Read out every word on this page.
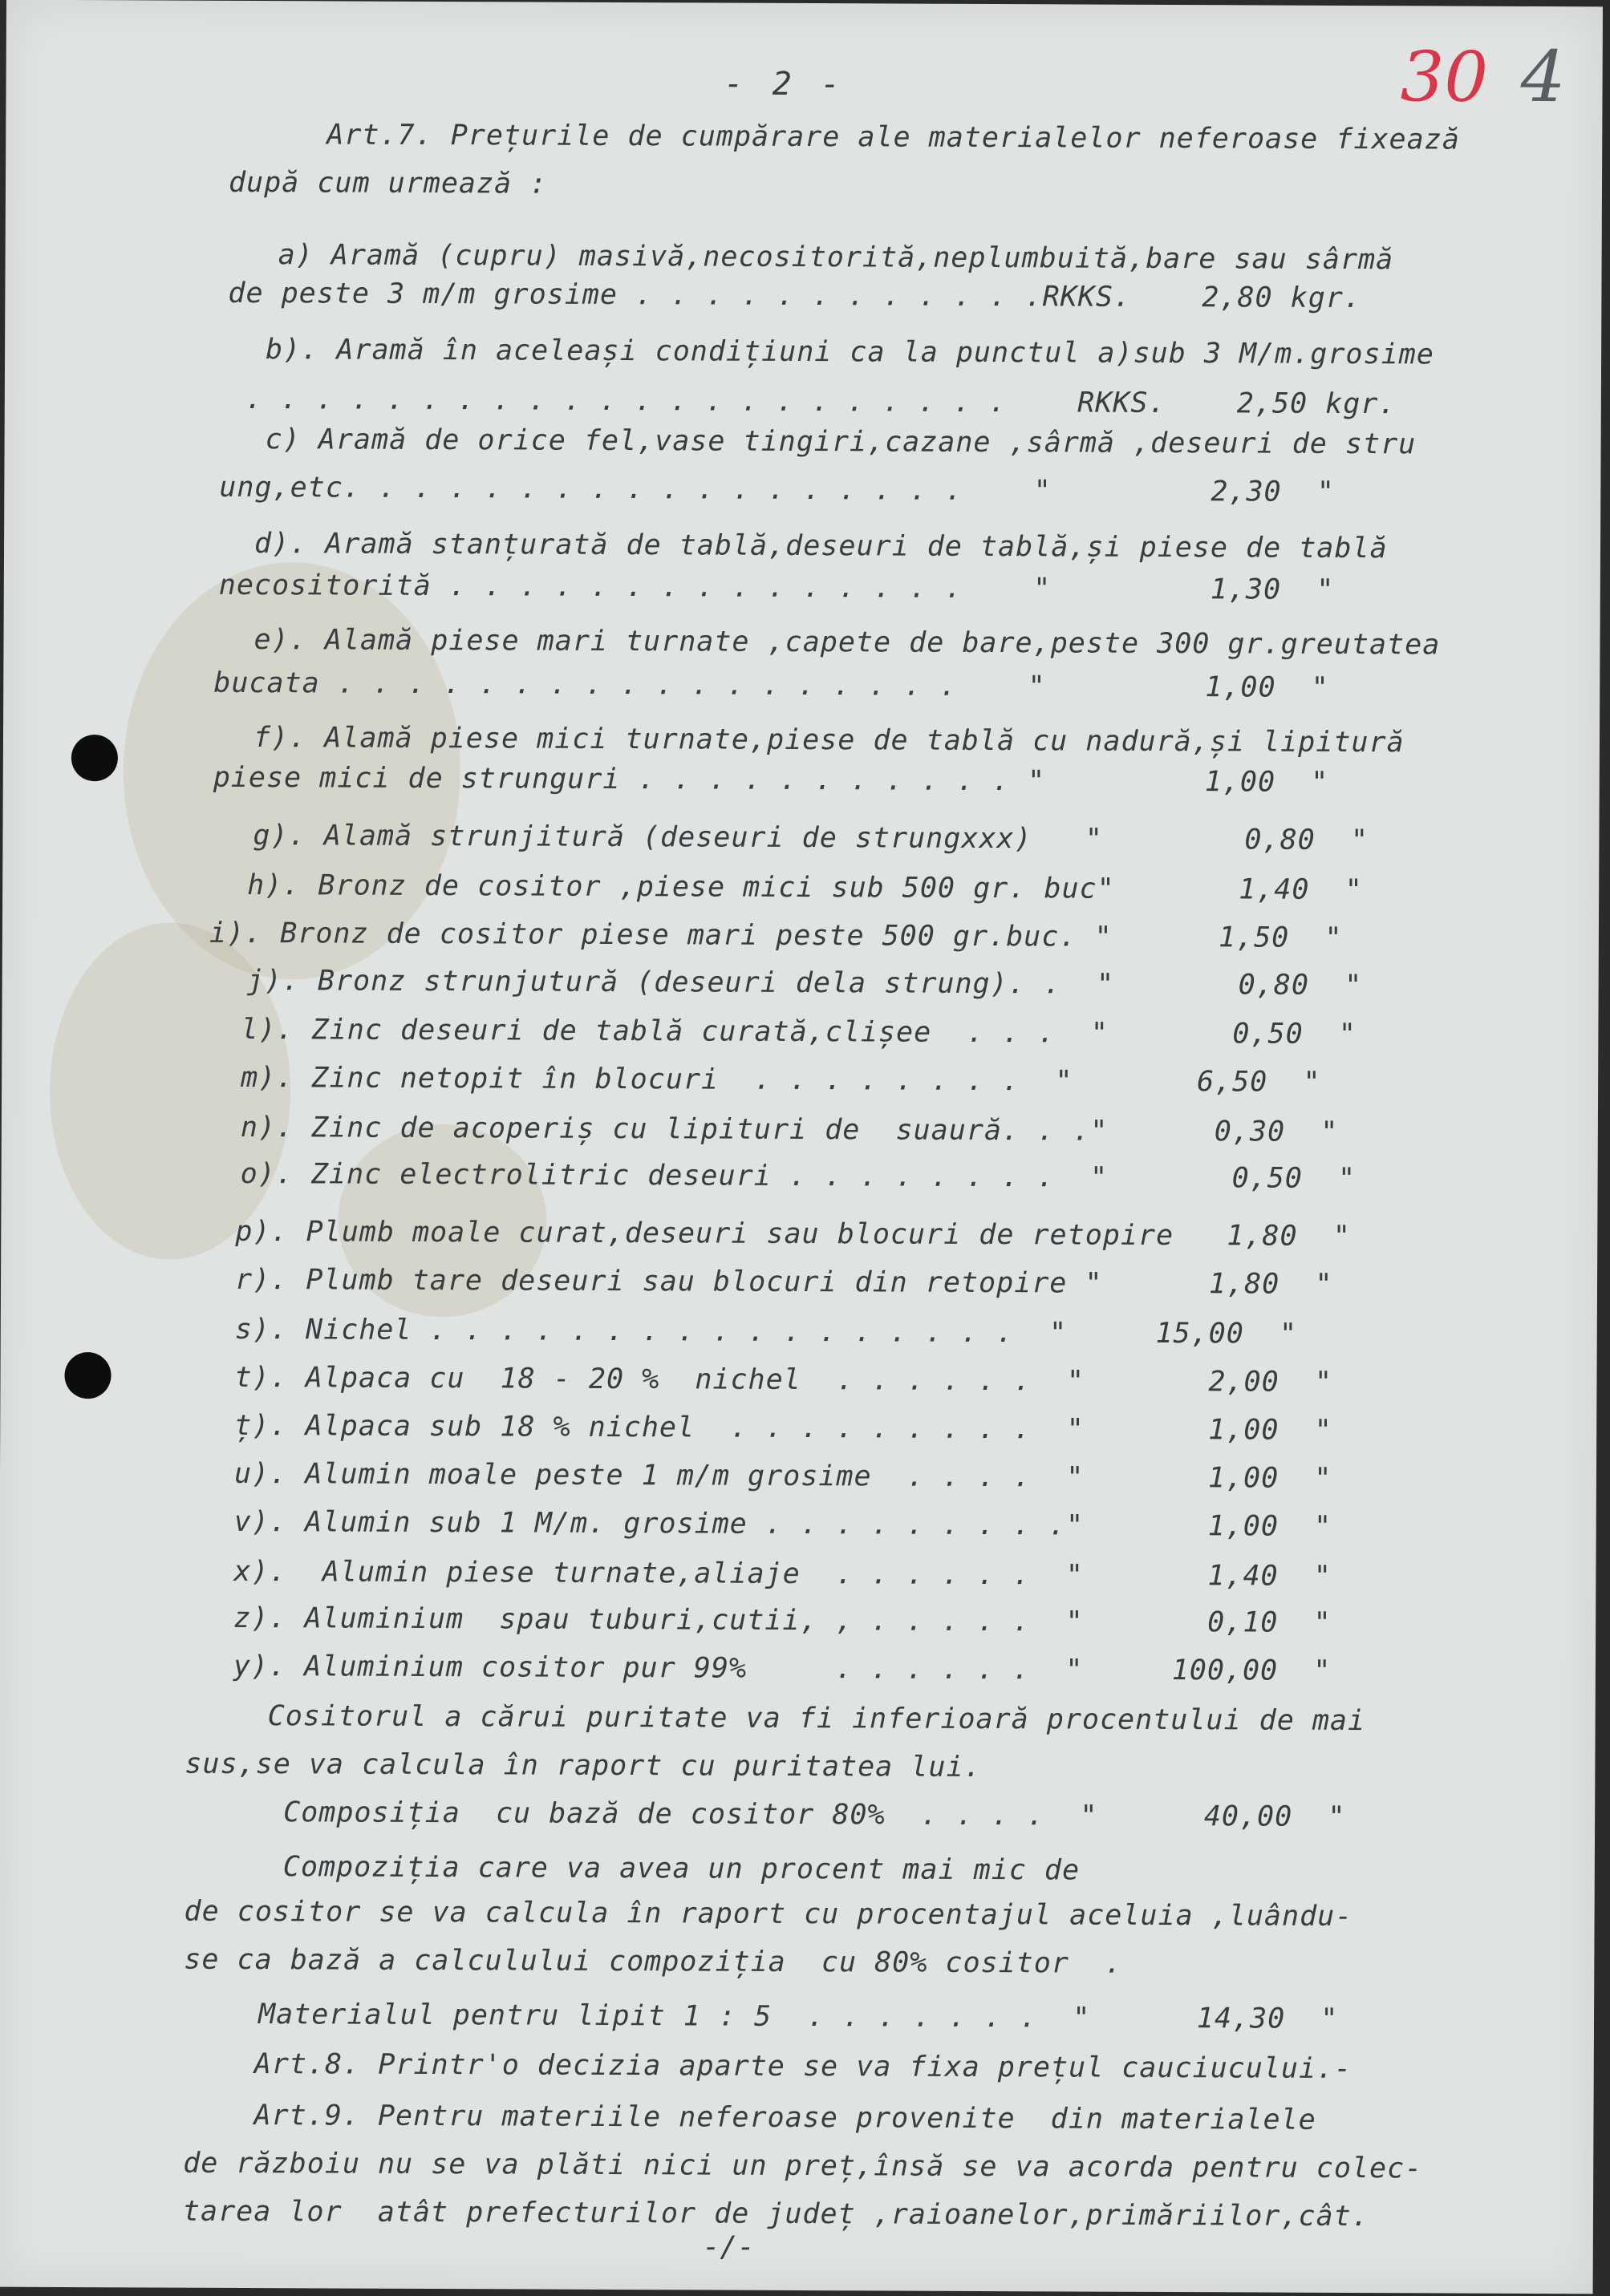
- 2 -	30 4
Art.7. Prețurile de cumpărare ale materialelor neferoase fixează
după cum urmează :
a) Aramă (cupru) masivă,necositorită,neplumbuită,bare sau sârmă
de peste 3 m/m grosime . . . . . . . . . . . .RKKS.    2,80 kgr.
b). Aramă în aceleași condițiuni ca la punctul a)sub 3 M/m.grosime
. . . . . . . . . . . . . . . . . . . . . .    RKKS.    2,50 kgr.
c) Aramă de orice fel,vase tingiri,cazane ,sârmă ,deseuri de stru
ung,etc. . . . . . . . . . . . . . . . . .    "         2,30  "
d). Aramă stanțurată de tablă,deseuri de tablă,și piese de tablă
necositorită . . . . . . . . . . . . . . .    "         1,30  "
e). Alamă piese mari turnate ,capete de bare,peste 300 gr.greutatea
bucata . . . . . . . . . . . . . . . . . .    "         1,00  "
f). Alamă piese mici turnate,piese de tablă cu nadură,și lipitură
piese mici de strunguri . . . . . . . . . . . "         1,00  "
g). Alamă strunjitură (deseuri de strungxxx)   "        0,80  "
h). Bronz de cositor ,piese mici sub 500 gr. buc"       1,40  "
i). Bronz de cositor piese mari peste 500 gr.buc. "      1,50  "
j). Bronz strunjutură (deseuri dela strung). .  "       0,80  "
l). Zinc deseuri de tablă curată,clișee  . . .  "       0,50  "
m). Zinc netopit în blocuri  . . . . . . . .  "       6,50  "
n). Zinc de acoperiș cu lipituri de  suaură. . ."      0,30  "
o). Zinc electrolitric deseuri . . . . . . . .  "       0,50  "
p). Plumb moale curat,deseuri sau blocuri de retopire   1,80  "
r). Plumb tare deseuri sau blocuri din retopire "      1,80  "
s). Nichel . . . . . . . . . . . . . . . . .  "     15,00  "
t). Alpaca cu  18 - 20 %  nichel  . . . . . .  "       2,00  "
ț). Alpaca sub 18 % nichel  . . . . . . . . .  "       1,00  "
u). Alumin moale peste 1 m/m grosime  . . . .  "       1,00  "
v). Alumin sub 1 M/m. grosime . . . . . . . . ."       1,00  "
x).  Alumin piese turnate,aliaje  . . . . . .  "       1,40  "
z). Aluminium  spau tuburi,cutii, , . . . . .  "       0,10  "
y). Aluminium cositor pur 99%     . . . . . .  "     100,00  "
Cositorul a cărui puritate va fi inferioară procentului de mai
sus,se va calcula în raport cu puritatea lui.
Composiția  cu bază de cositor 80%  . . . .  "      40,00  "
Compoziția care va avea un procent mai mic de
de cositor se va calcula în raport cu procentajul aceluia ,luându-
se ca bază a calculului compoziția  cu 80% cositor  .
Materialul pentru lipit 1 : 5  . . . . . . .  "      14,30  "
Art.8. Printr'o decizia aparte se va fixa prețul cauciucului.-
Art.9. Pentru materiile neferoase provenite  din materialele
de războiu nu se va plăti nici un preț,însă se va acorda pentru colec-
tarea lor  atât prefecturilor de județ ,raioanelor,primăriilor,cât.
-/-
